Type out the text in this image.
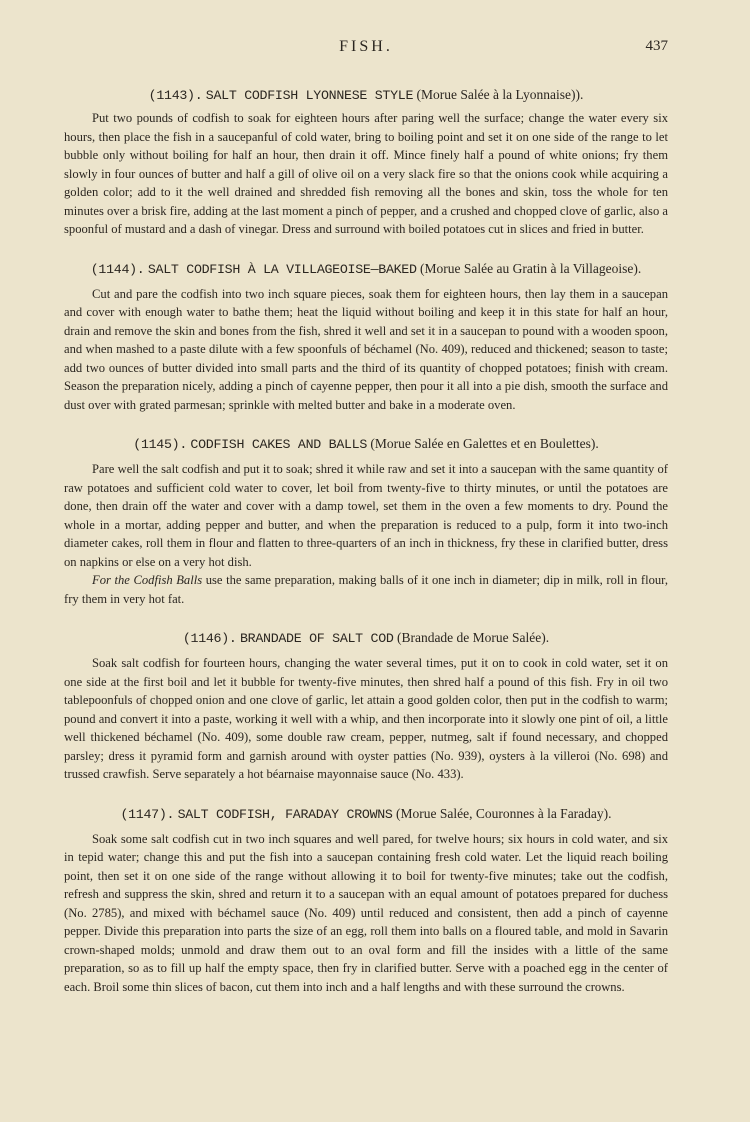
FISH.	437
(1143). SALT CODFISH LYONNESE STYLE (Morue Salée à la Lyonnaise)).

Put two pounds of codfish to soak for eighteen hours after paring well the surface; change the water every six hours, then place the fish in a saucepanful of cold water, bring to boiling point and set it on one side of the range to let bubble only without boiling for half an hour, then drain it off. Mince finely half a pound of white onions; fry them slowly in four ounces of butter and half a gill of olive oil on a very slack fire so that the onions cook while acquiring a golden color; add to it the well drained and shredded fish removing all the bones and skin, toss the whole for ten minutes over a brisk fire, adding at the last moment a pinch of pepper, and a crushed and chopped clove of garlic, also a spoonful of mustard and a dash of vinegar. Dress and surround with boiled potatoes cut in slices and fried in butter.

(1144). SALT CODFISH À LA VILLAGEOISE—BAKED (Morue Salée au Gratin à la Villageoise).

Cut and pare the codfish into two inch square pieces, soak them for eighteen hours, then lay them in a saucepan and cover with enough water to bathe them; heat the liquid without boiling and keep it in this state for half an hour, drain and remove the skin and bones from the fish, shred it well and set it in a saucepan to pound with a wooden spoon, and when mashed to a paste dilute with a few spoonfuls of béchamel (No. 409), reduced and thickened; season to taste; add two ounces of butter divided into small parts and the third of its quantity of chopped potatoes; finish with cream. Season the preparation nicely, adding a pinch of cayenne pepper, then pour it all into a pie dish, smooth the surface and dust over with grated parmesan; sprinkle with melted butter and bake in a moderate oven.

(1145). CODFISH CAKES AND BALLS (Morue Salée en Galettes et en Boulettes).

Pare well the salt codfish and put it to soak; shred it while raw and set it into a saucepan with the same quantity of raw potatoes and sufficient cold water to cover, let boil from twenty-five to thirty minutes, or until the potatoes are done, then drain off the water and cover with a damp towel, set them in the oven a few moments to dry. Pound the whole in a mortar, adding pepper and butter, and when the preparation is reduced to a pulp, form it into two-inch diameter cakes, roll them in flour and flatten to three-quarters of an inch in thickness, fry these in clarified butter, dress on napkins or else on a very hot dish.

For the Codfish Balls use the same preparation, making balls of it one inch in diameter; dip in milk, roll in flour, fry them in very hot fat.

(1146). BRANDADE OF SALT COD (Brandade de Morue Salée).

Soak salt codfish for fourteen hours, changing the water several times, put it on to cook in cold water, set it on one side at the first boil and let it bubble for twenty-five minutes, then shred half a pound of this fish. Fry in oil two tablepoonfuls of chopped onion and one clove of garlic, let attain a good golden color, then put in the codfish to warm; pound and convert it into a paste, working it well with a whip, and then incorporate into it slowly one pint of oil, a little well thickened béchamel (No. 409), some double raw cream, pepper, nutmeg, salt if found necessary, and chopped parsley; dress it pyramid form and garnish around with oyster patties (No. 939), oysters à la villeroi (No. 698) and trussed crawfish. Serve separately a hot béarnaise mayonnaise sauce (No. 433).

(1147). SALT CODFISH, FARADAY CROWNS (Morue Salée, Couronnes à la Faraday).

Soak some salt codfish cut in two inch squares and well pared, for twelve hours; six hours in cold water, and six in tepid water; change this and put the fish into a saucepan containing fresh cold water. Let the liquid reach boiling point, then set it on one side of the range without allowing it to boil for twenty-five minutes; take out the codfish, refresh and suppress the skin, shred and return it to a saucepan with an equal amount of potatoes prepared for duchess (No. 2785), and mixed with béchamel sauce (No. 409) until reduced and consistent, then add a pinch of cayenne pepper. Divide this preparation into parts the size of an egg, roll them into balls on a floured table, and mold in Savarin crown-shaped molds; unmold and draw them out to an oval form and fill the insides with a little of the same preparation, so as to fill up half the empty space, then fry in clarified butter. Serve with a poached egg in the center of each. Broil some thin slices of bacon, cut them into inch and a half lengths and with these surround the crowns.
